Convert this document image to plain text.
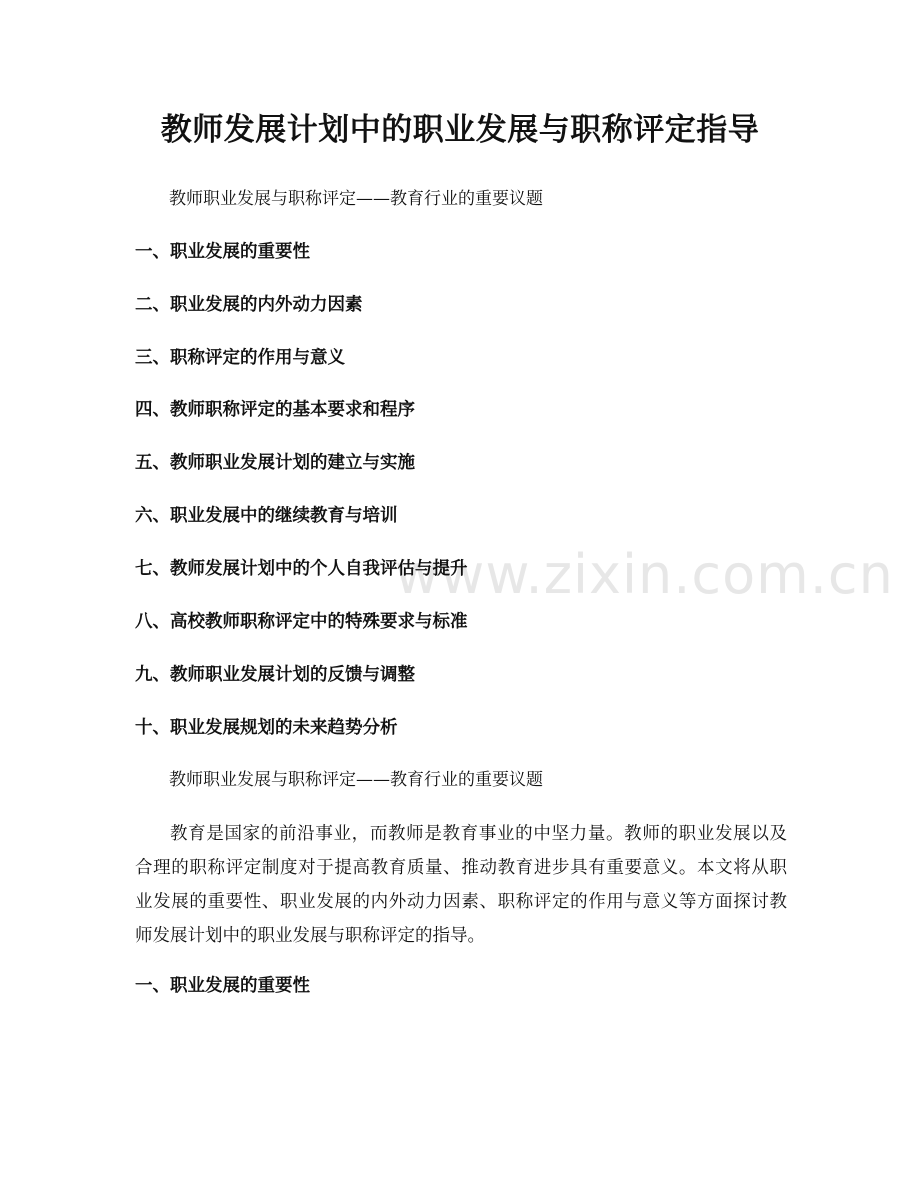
www.zixin.com.cn
教师发展计划中的职业发展与职称评定指导
教师职业发展与职称评定——教育行业的重要议题
一、职业发展的重要性
二、职业发展的内外动力因素
三、职称评定的作用与意义
四、教师职称评定的基本要求和程序
五、教师职业发展计划的建立与实施
六、职业发展中的继续教育与培训
七、教师发展计划中的个人自我评估与提升
八、高校教师职称评定中的特殊要求与标准
九、教师职业发展计划的反馈与调整
十、职业发展规划的未来趋势分析
教师职业发展与职称评定——教育行业的重要议题
教育是国家的前沿事业，而教师是教育事业的中坚力量。教师的职业发展以及
合理的职称评定制度对于提高教育质量、推动教育进步具有重要意义。本文将从职
业发展的重要性、职业发展的内外动力因素、职称评定的作用与意义等方面探讨教
师发展计划中的职业发展与职称评定的指导。
一、职业发展的重要性
